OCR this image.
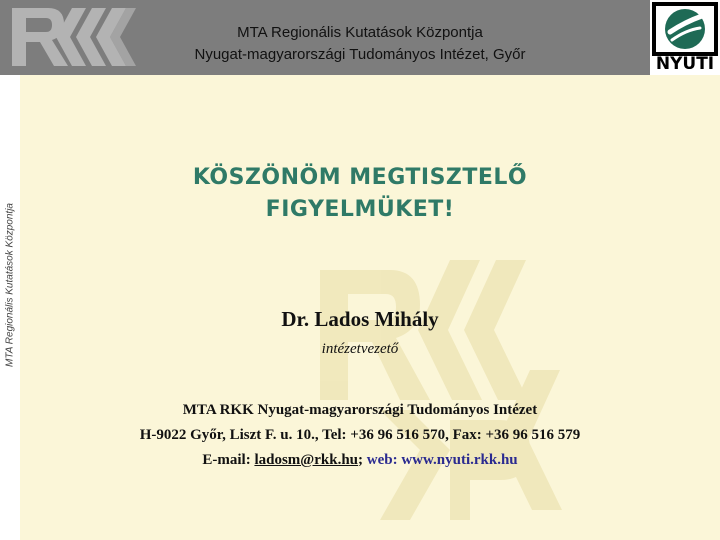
MTA Regionális Kutatások Központja
Nyugat-magyarországi Tudományos Intézet, Győr	NYUTI
MTA Regionális Kutatások Központja
KÖSZÖNÖM MEGTISZTELŐ
FIGYELMÜKET!
Dr. Lados Mihály
intézetvezető
MTA RKK Nyugat-magyarországi Tudományos Intézet
H-9022 Győr, Liszt F. u. 10., Tel: +36 96 516 570, Fax: +36 96 516 579
E-mail: ladosm@rkk.hu; web: www.nyuti.rkk.hu
